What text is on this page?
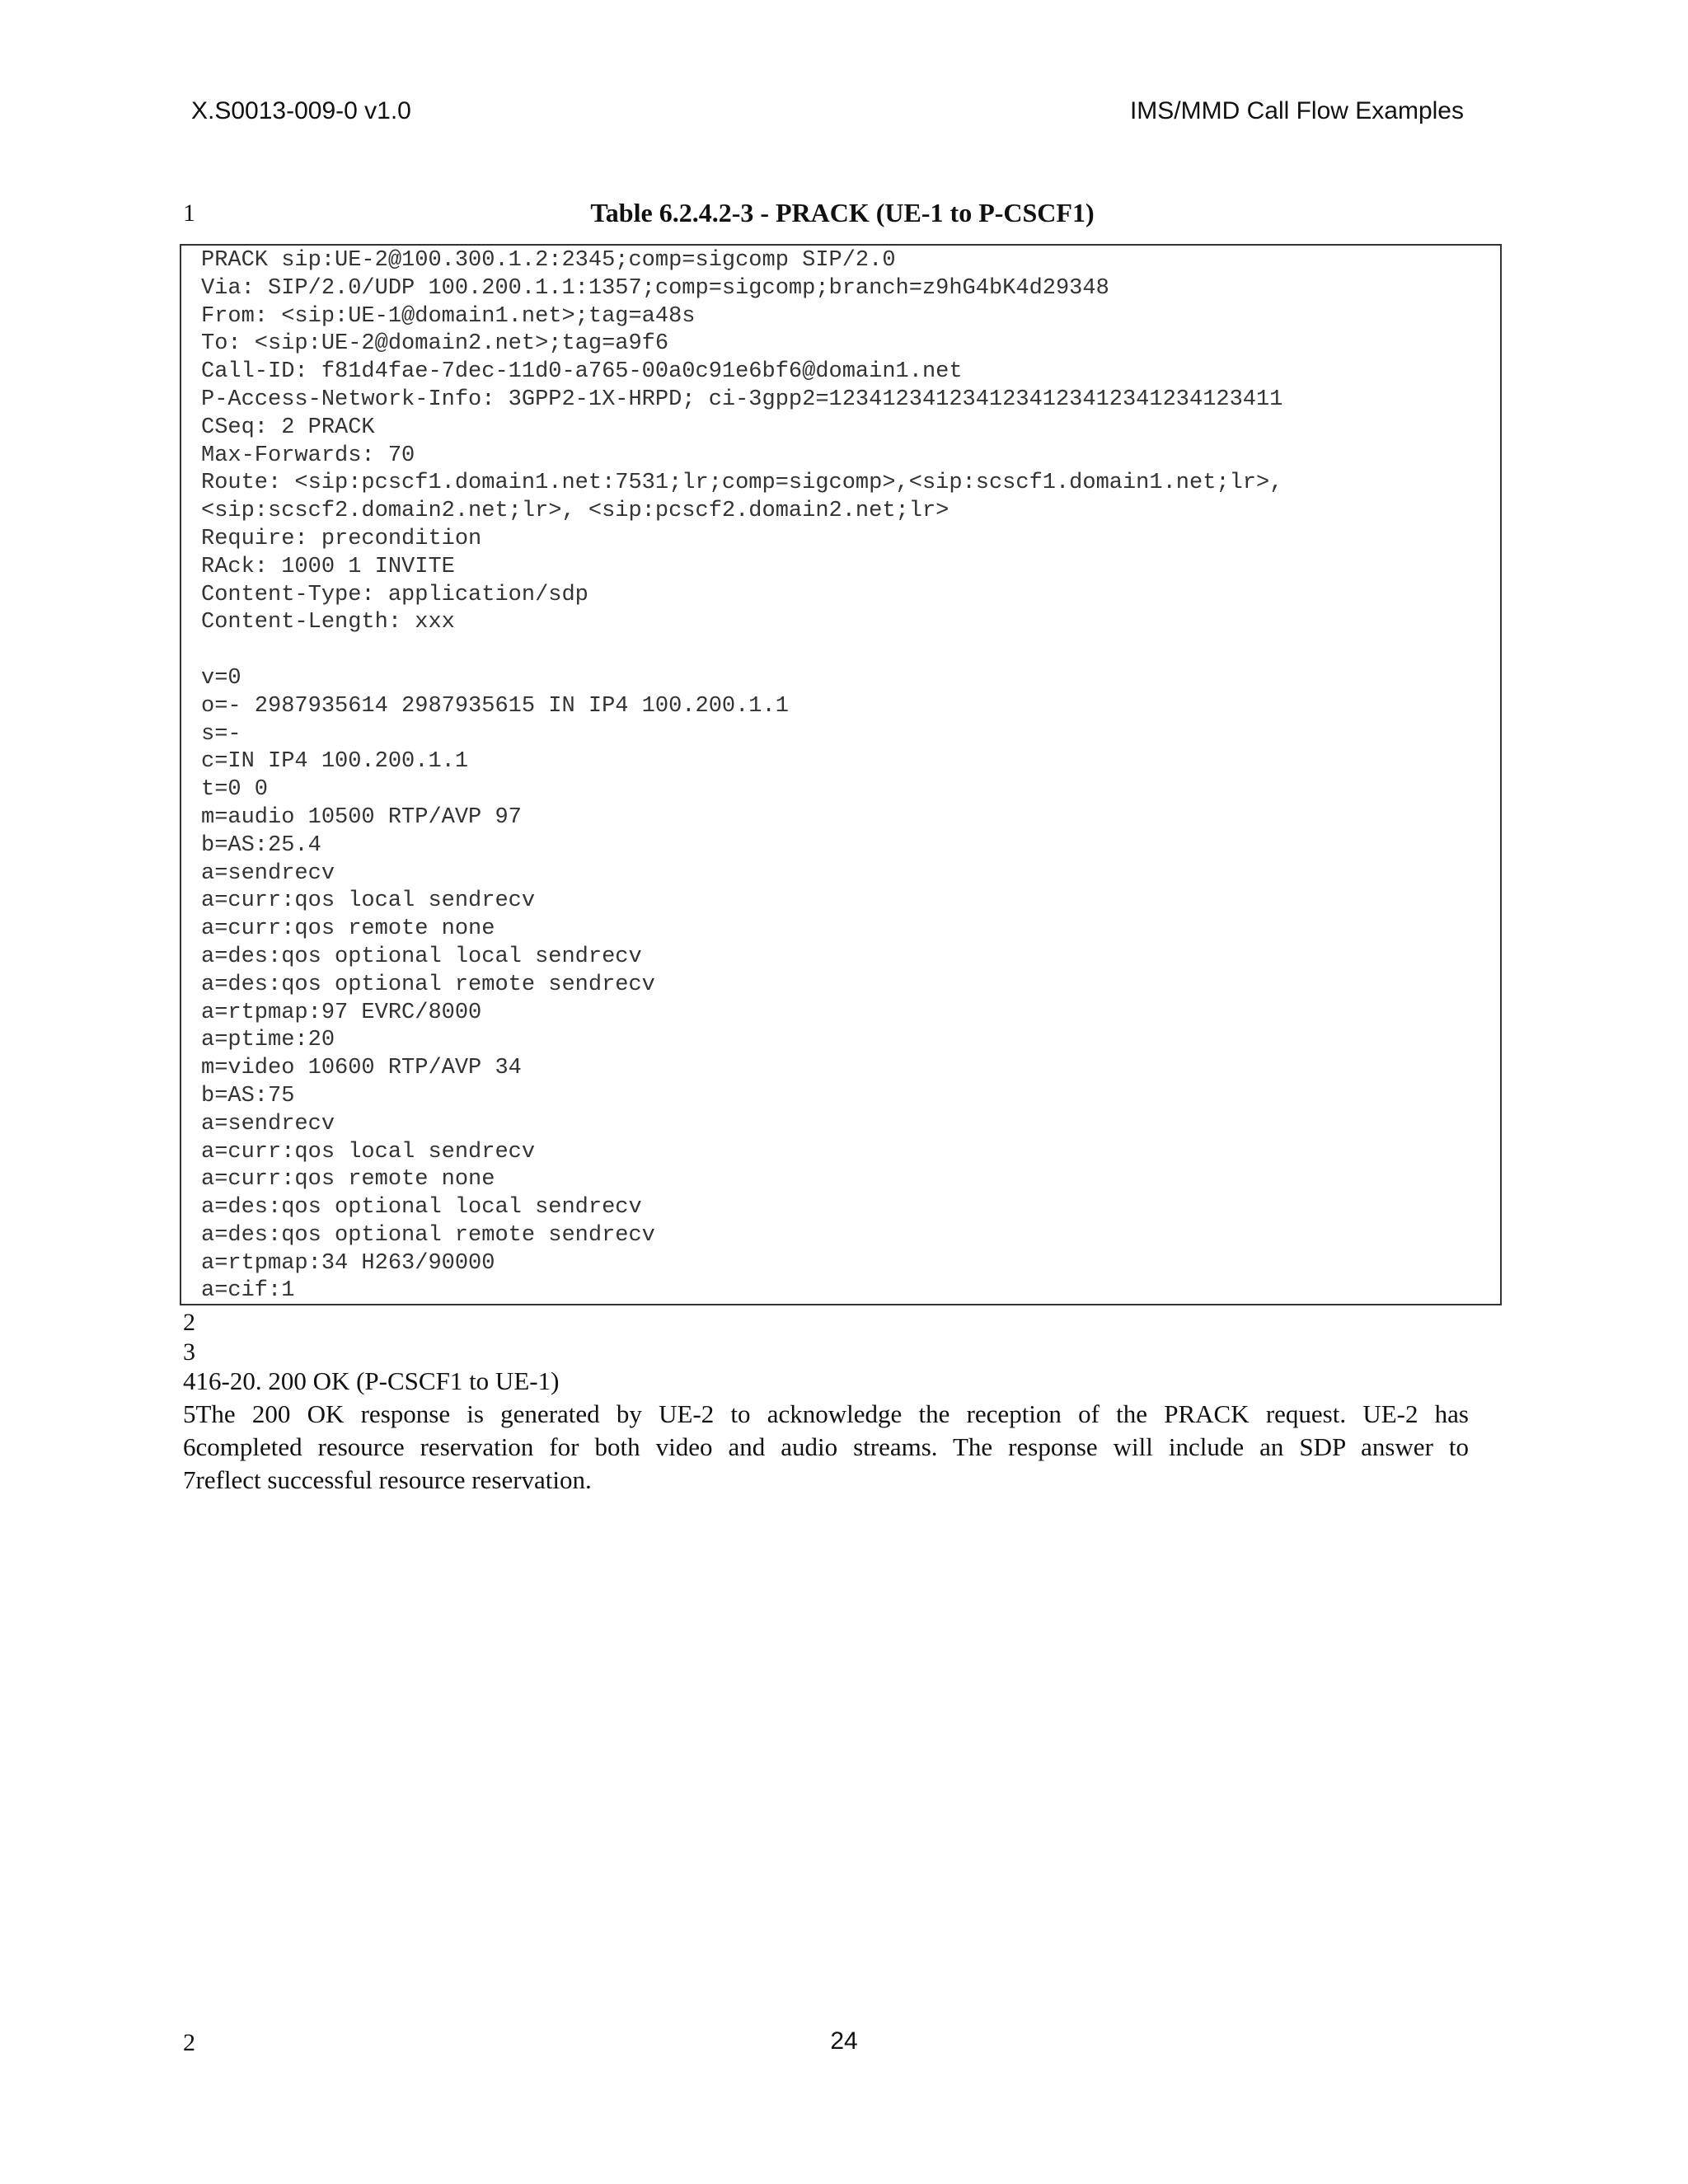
X.S0013-009-0 v1.0	IMS/MMD Call Flow Examples
1	Table 6.2.4.2-3 - PRACK (UE-1 to P-CSCF1)
PRACK sip:UE-2@100.300.1.2:2345;comp=sigcomp SIP/2.0
Via: SIP/2.0/UDP 100.200.1.1:1357;comp=sigcomp;branch=z9hG4bK4d29348
From: <sip:UE-1@domain1.net>;tag=a48s
To: <sip:UE-2@domain2.net>;tag=a9f6
Call-ID: f81d4fae-7dec-11d0-a765-00a0c91e6bf6@domain1.net
P-Access-Network-Info: 3GPP2-1X-HRPD; ci-3gpp2=1234123412341234123412341234123411
CSeq: 2 PRACK
Max-Forwards: 70
Route: <sip:pcscf1.domain1.net:7531;lr;comp=sigcomp>,<sip:scscf1.domain1.net;lr>,
<sip:scscf2.domain2.net;lr>, <sip:pcscf2.domain2.net;lr>
Require: precondition
RAck: 1000 1 INVITE
Content-Type: application/sdp
Content-Length: xxx
v=0
o=- 2987935614 2987935615 IN IP4 100.200.1.1
s=-
c=IN IP4 100.200.1.1
t=0 0
m=audio 10500 RTP/AVP 97
b=AS:25.4
a=sendrecv
a=curr:qos local sendrecv
a=curr:qos remote none
a=des:qos optional local sendrecv
a=des:qos optional remote sendrecv
a=rtpmap:97 EVRC/8000
a=ptime:20
m=video 10600 RTP/AVP 34
b=AS:75
a=sendrecv
a=curr:qos local sendrecv
a=curr:qos remote none
a=des:qos optional local sendrecv
a=des:qos optional remote sendrecv
a=rtpmap:34 H263/90000
a=cif:1
2
3
416-20. 200 OK (P-CSCF1 to UE-1)
5The 200 OK response is generated by UE-2 to acknowledge the reception of the PRACK request. UE-2 has
6completed resource reservation for both video and audio streams. The response will include an SDP answer to
7reflect successful resource reservation.
2	24
